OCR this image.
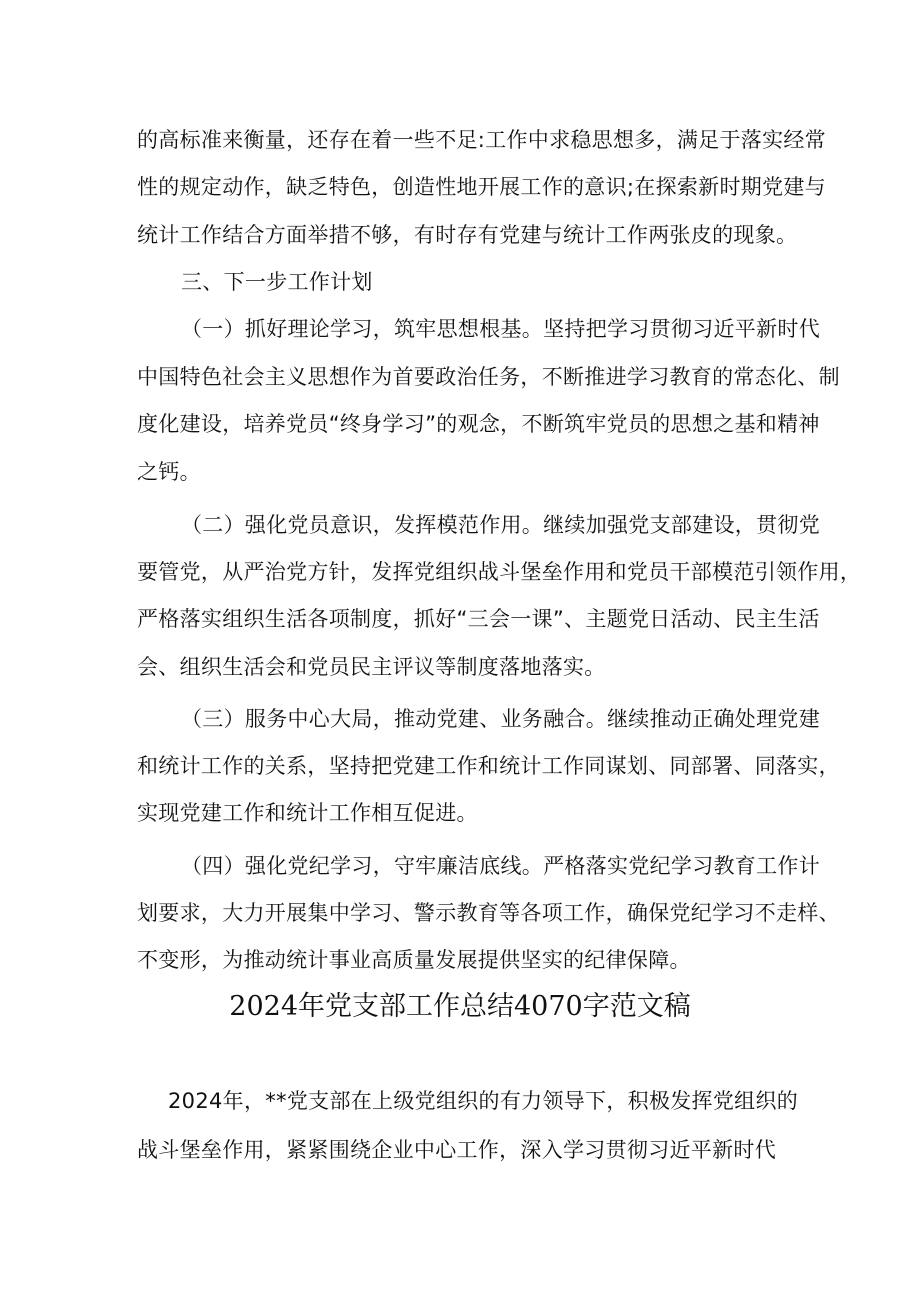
的高标准来衡量，还存在着一些不足:工作中求稳思想多，满足于落实经常
性的规定动作，缺乏特色，创造性地开展工作的意识;在探索新时期党建与
统计工作结合方面举措不够，有时存有党建与统计工作两张皮的现象。
三、下一步工作计划
（一）抓好理论学习，筑牢思想根基。坚持把学习贯彻习近平新时代
中国特色社会主义思想作为首要政治任务，不断推进学习教育的常态化、制
度化建设，培养党员“终身学习”的观念，不断筑牢党员的思想之基和精神
之钙。
（二）强化党员意识，发挥模范作用。继续加强党支部建设，贯彻党
要管党，从严治党方针，发挥党组织战斗堡垒作用和党员干部模范引领作用，
严格落实组织生活各项制度，抓好“三会一课”、主题党日活动、民主生活
会、组织生活会和党员民主评议等制度落地落实。
（三）服务中心大局，推动党建、业务融合。继续推动正确处理党建
和统计工作的关系，坚持把党建工作和统计工作同谋划、同部署、同落实，
实现党建工作和统计工作相互促进。
（四）强化党纪学习，守牢廉洁底线。严格落实党纪学习教育工作计
划要求，大力开展集中学习、警示教育等各项工作，确保党纪学习不走样、
不变形，为推动统计事业高质量发展提供坚实的纪律保障。
2024年党支部工作总结4070字范文稿
2024年，**党支部在上级党组织的有力领导下，积极发挥党组织的
战斗堡垒作用，紧紧围绕企业中心工作，深入学习贯彻习近平新时代
